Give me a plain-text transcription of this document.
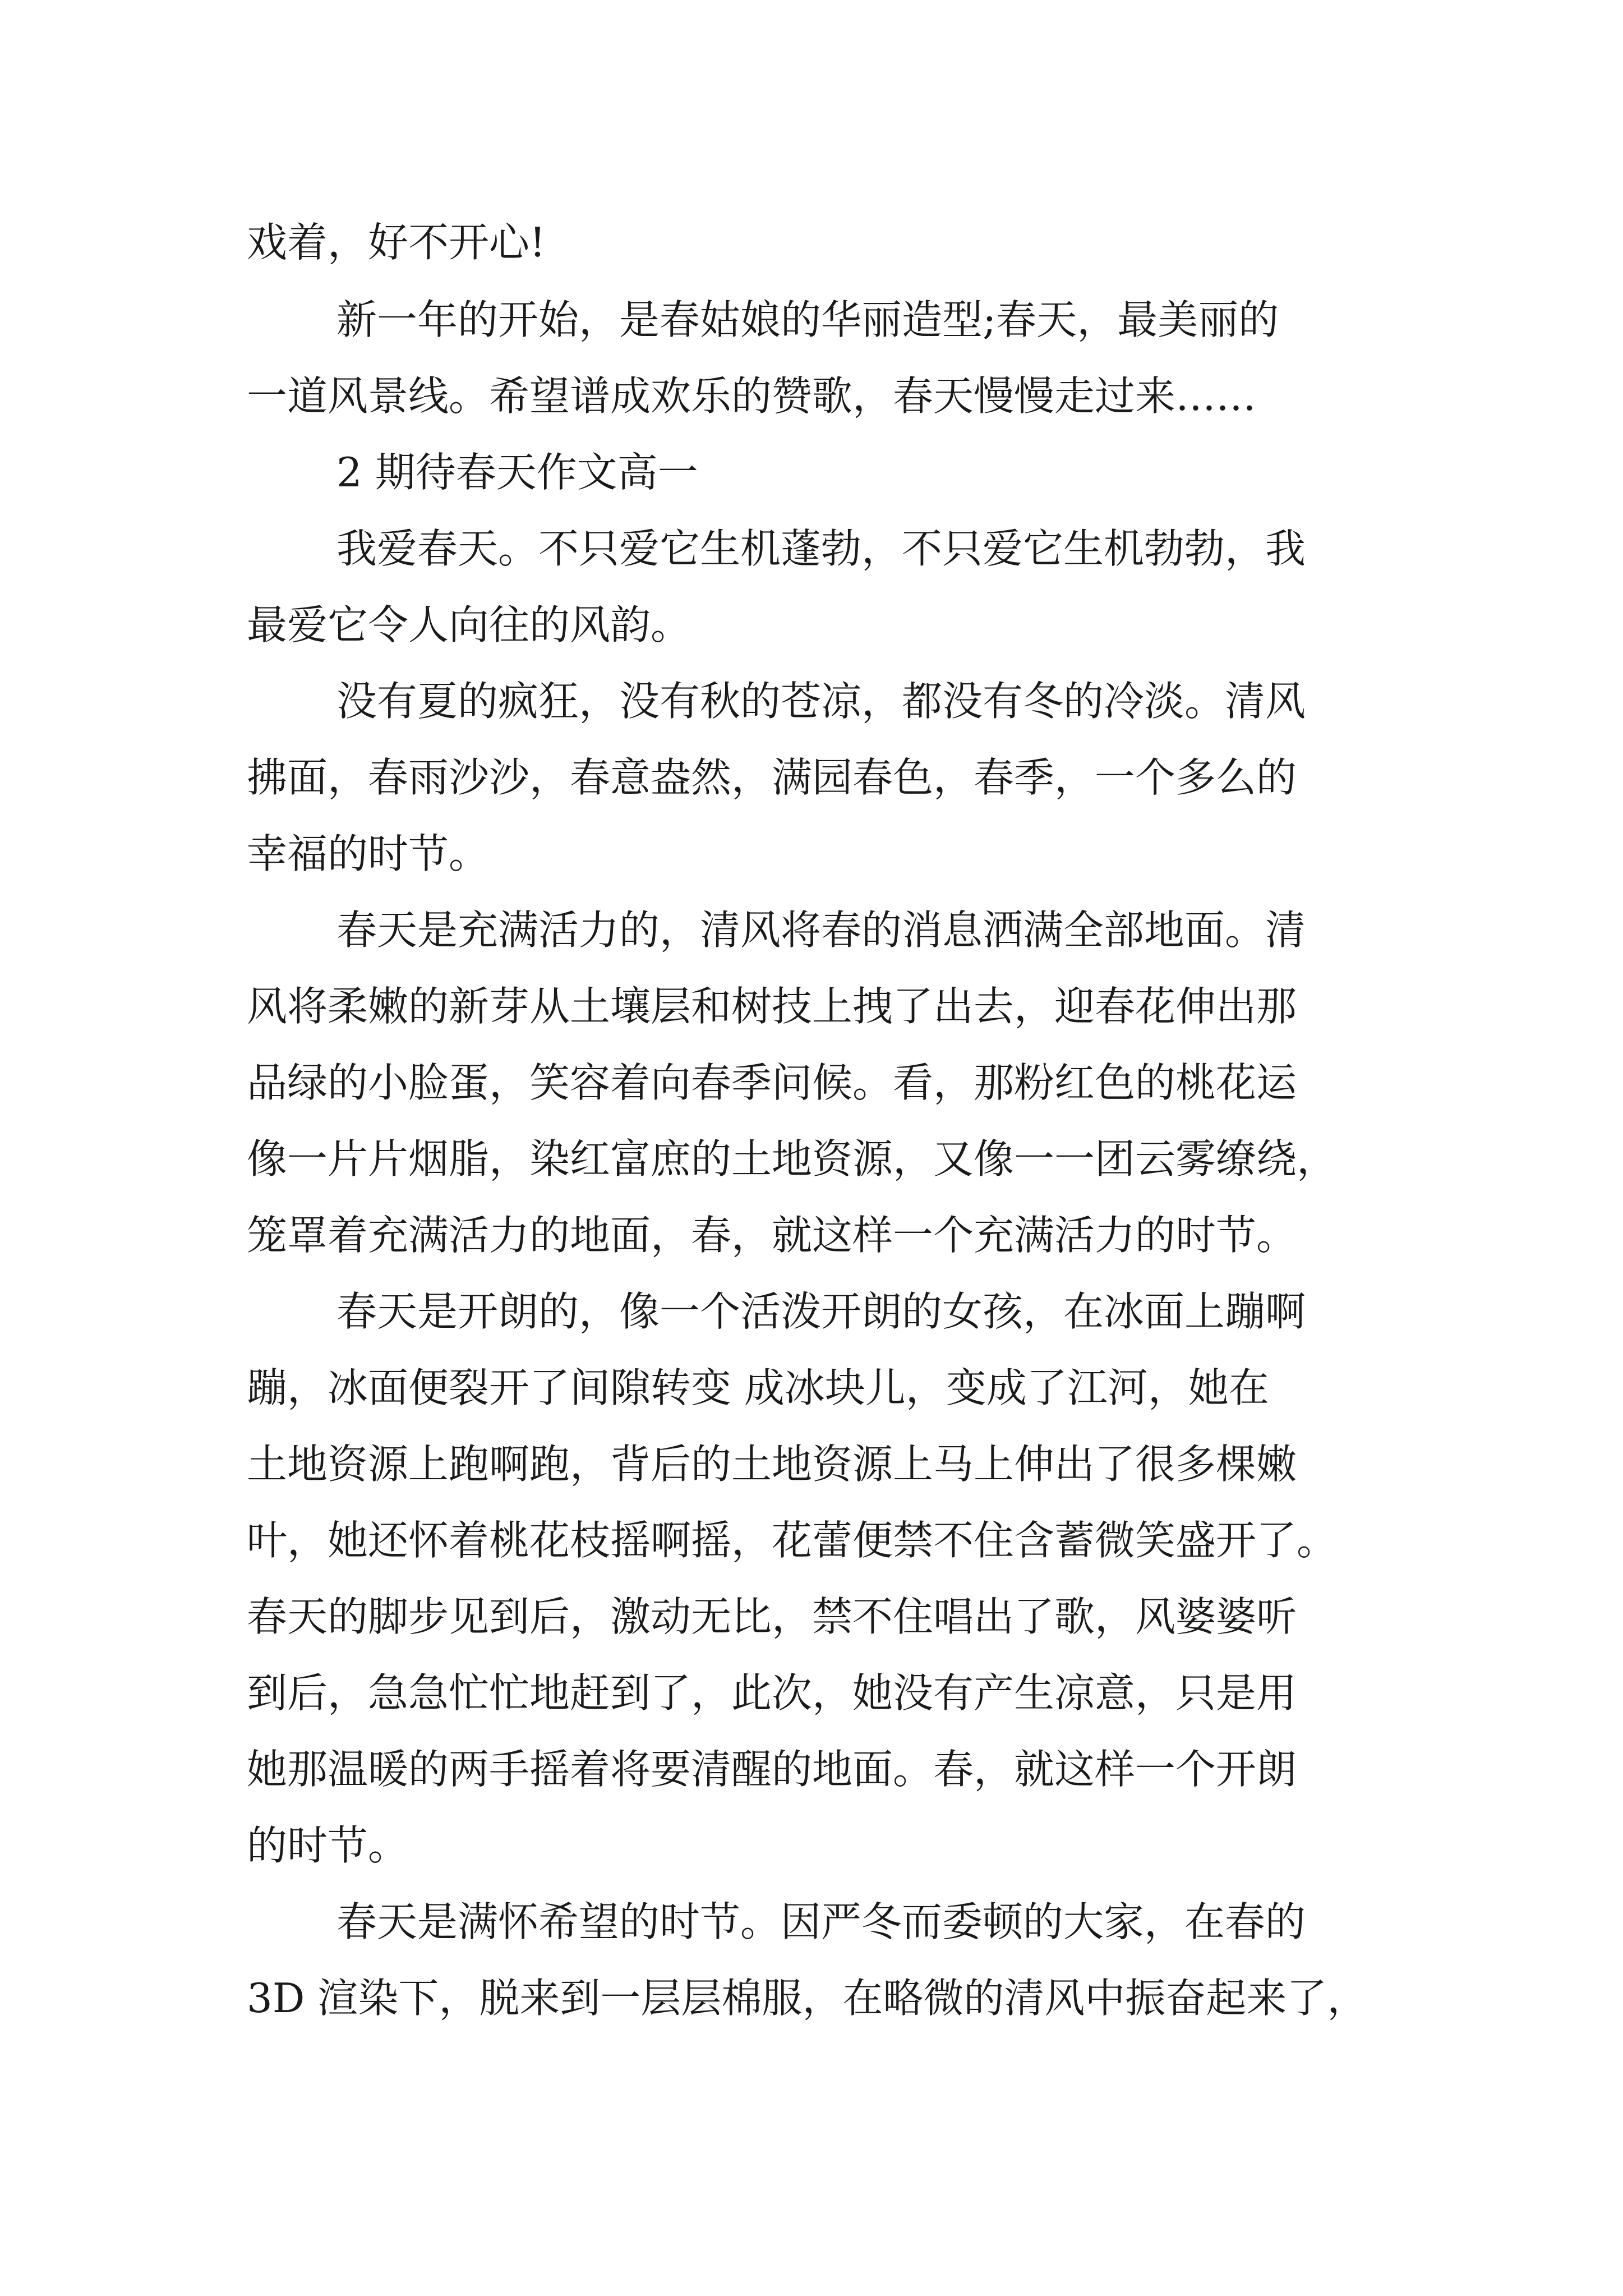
戏着，好不开心!
新一年的开始，是春姑娘的华丽造型;春天，最美丽的
一道风景线。希望谱成欢乐的赞歌，春天慢慢走过来……
2 期待春天作文高一
我爱春天。不只爱它生机蓬勃，不只爱它生机勃勃，我
最爱它令人向往的风韵。
没有夏的疯狂，没有秋的苍凉，都没有冬的冷淡。清风
拂面，春雨沙沙，春意盎然，满园春色，春季，一个多么的
幸福的时节。
春天是充满活力的，清风将春的消息洒满全部地面。清
风将柔嫩的新芽从土壤层和树技上拽了出去，迎春花伸出那
品绿的小脸蛋，笑容着向春季问候。看，那粉红色的桃花运
像一片片烟脂，染红富庶的土地资源，又像一一团云雾缭绕，
笼罩着充满活力的地面，春，就这样一个充满活力的时节。
春天是开朗的，像一个活泼开朗的女孩，在冰面上蹦啊
蹦，冰面便裂开了间隙转变 成冰块儿，变成了江河，她在
土地资源上跑啊跑，背后的土地资源上马上伸出了很多棵嫩
叶，她还怀着桃花枝摇啊摇，花蕾便禁不住含蓄微笑盛开了。
春天的脚步见到后，激动无比，禁不住唱出了歌，风婆婆听
到后，急急忙忙地赶到了，此次，她没有产生凉意，只是用
她那温暖的两手摇着将要清醒的地面。春，就这样一个开朗
的时节。
春天是满怀希望的时节。因严冬而委顿的大家，在春的
3D 渲染下，脱来到一层层棉服，在略微的清风中振奋起来了，
